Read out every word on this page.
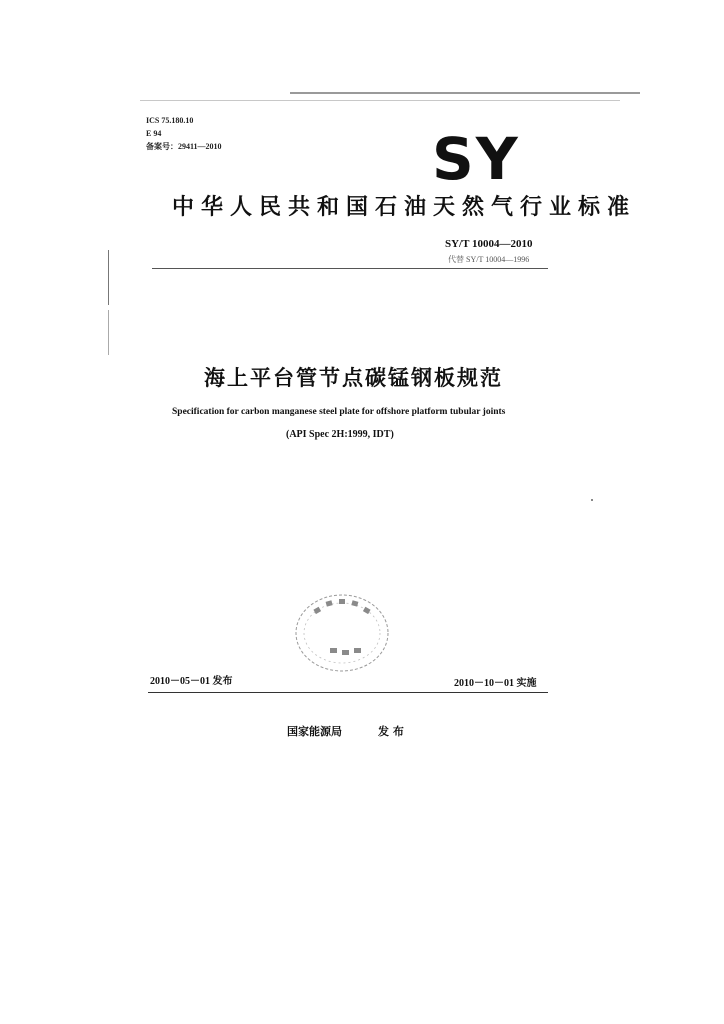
ICS 75.180.10
E 94
备案号：29411—2010	SY
中华人民共和国石油天然气行业标准
SY/T 10004—2010
代替 SY/T 10004—1996
海上平台管节点碳锰钢板规范
Specification for carbon manganese steel plate for offshore platform tubular joints
(API Spec 2H:1999, IDT)
2010－05－01 发布	2010－10－01 实施
国家能源局	发 布
